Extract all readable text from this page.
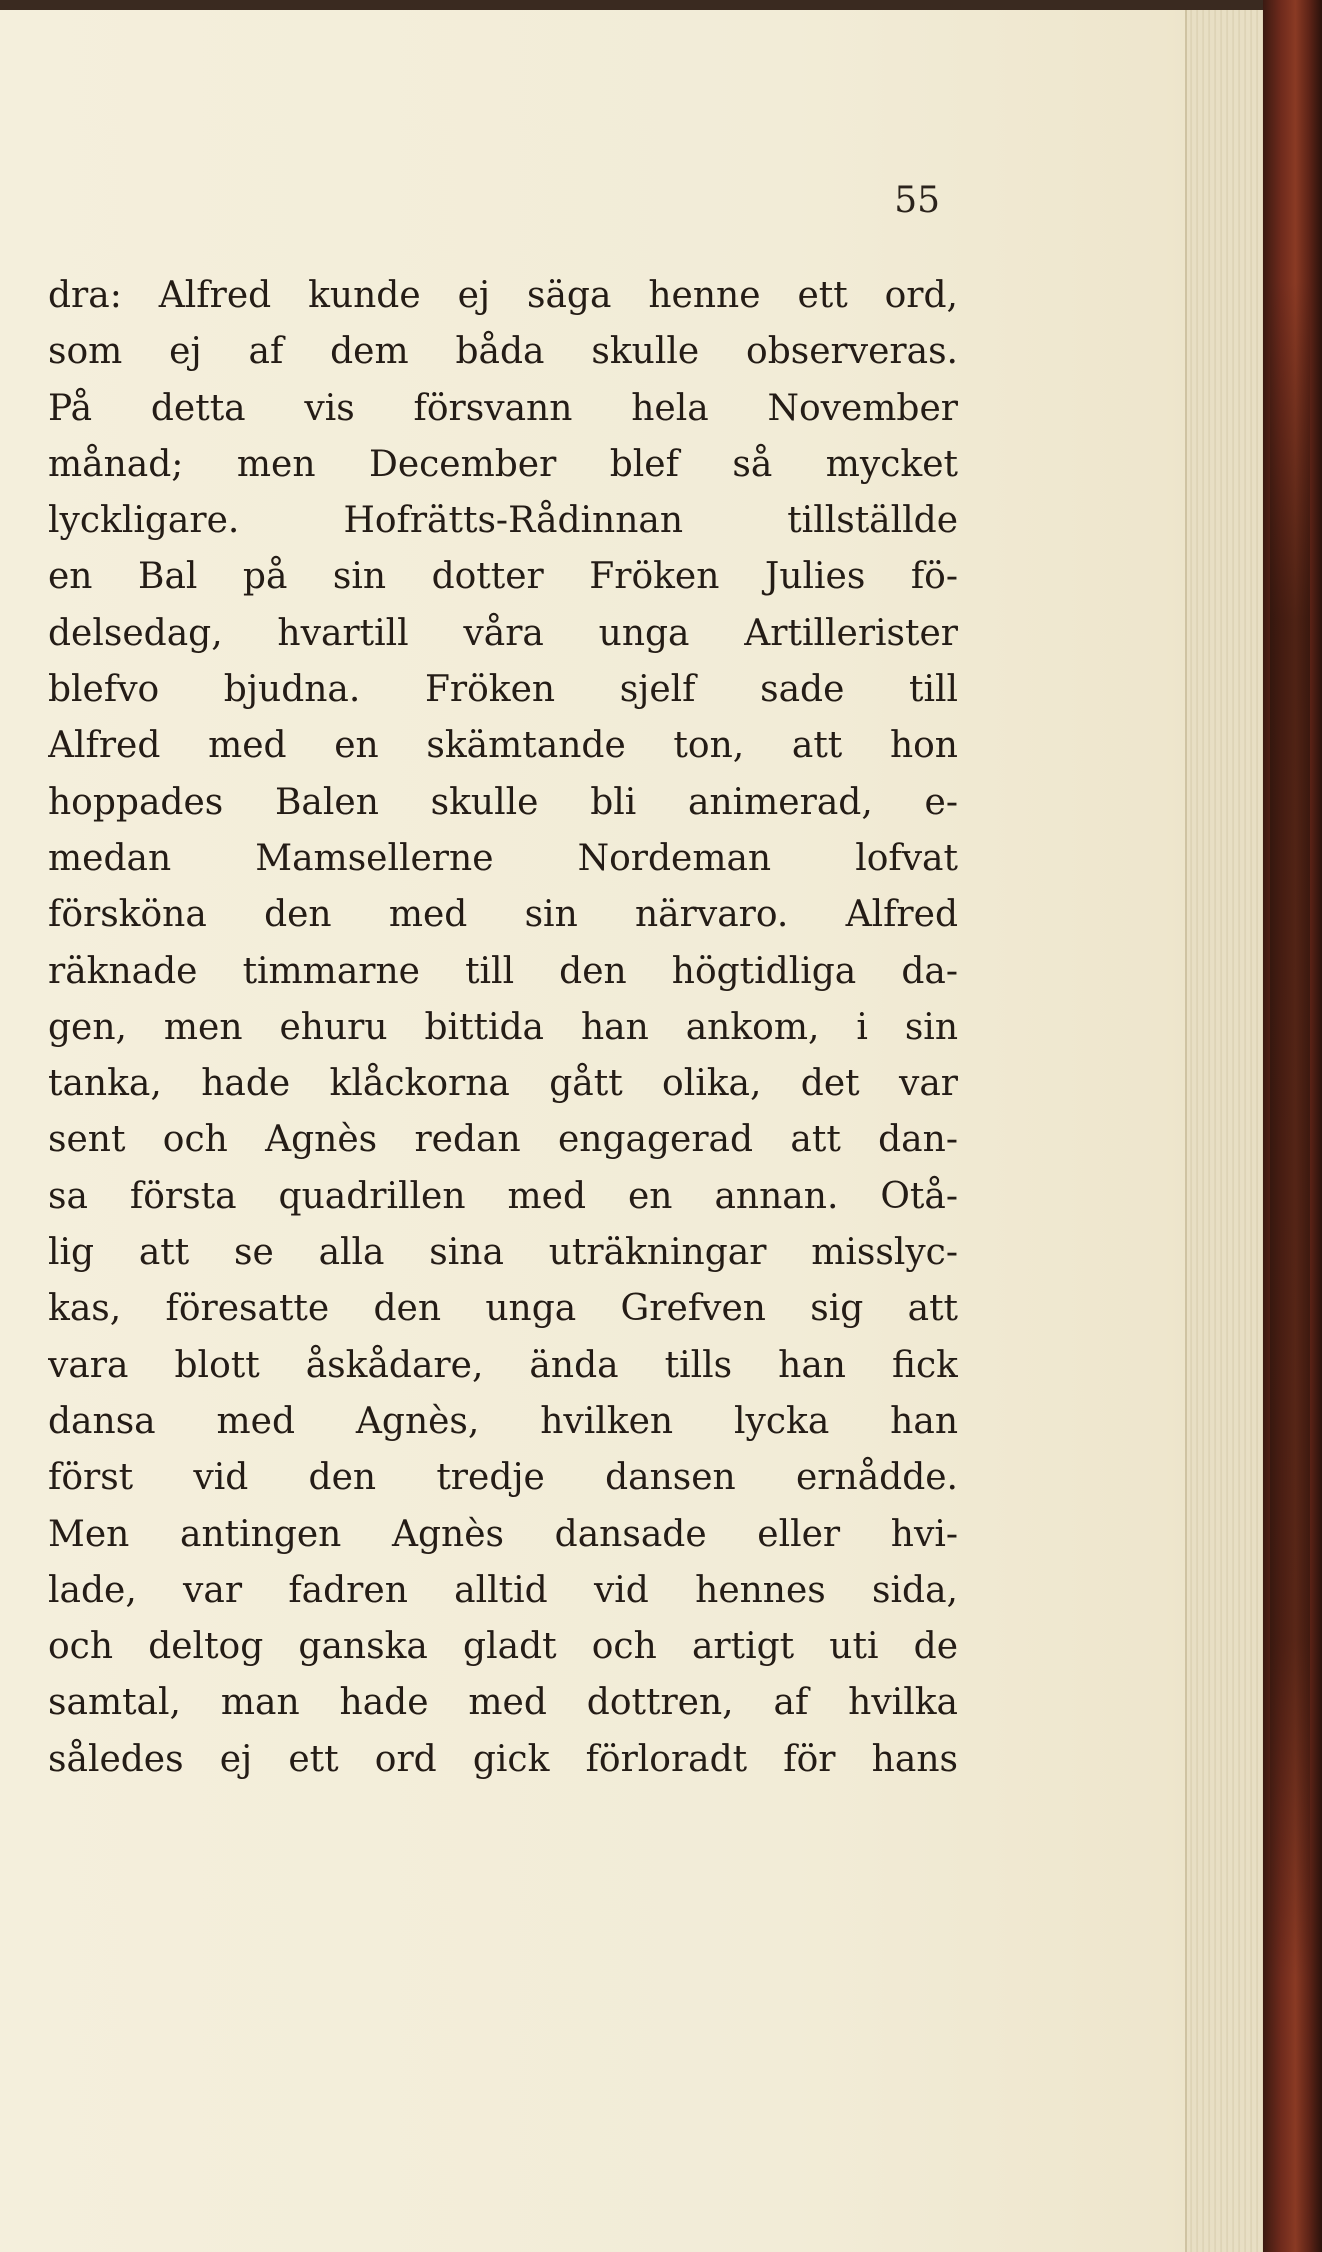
55
dra: Alfred kunde ej säga henne ett ord,
som ej af dem båda skulle observeras.
På detta vis försvann hela November
månad; men December blef så mycket
lyckligare. Hofrätts-Rådinnan tillställde
en Bal på sin dotter Fröken Julies fö-
delsedag, hvartill våra unga Artillerister
blefvo bjudna. Fröken sjelf sade till
Alfred med en skämtande ton, att hon
hoppades Balen skulle bli animerad, e-
medan Mamsellerne Nordeman lofvat
försköna den med sin närvaro. Alfred
räknade timmarne till den högtidliga da-
gen, men ehuru bittida han ankom, i sin
tanka, hade klåckorna gått olika, det var
sent och Agnès redan engagerad att dan-
sa första quadrillen med en annan. Otå-
lig att se alla sina uträkningar misslyc-
kas, föresatte den unga Grefven sig att
vara blott åskådare, ända tills han fick
dansa med Agnès, hvilken lycka han
först vid den tredje dansen ernådde.
Men antingen Agnès dansade eller hvi-
lade, var fadren alltid vid hennes sida,
och deltog ganska gladt och artigt uti de
samtal, man hade med dottren, af hvilka
således ej ett ord gick förloradt för hans
